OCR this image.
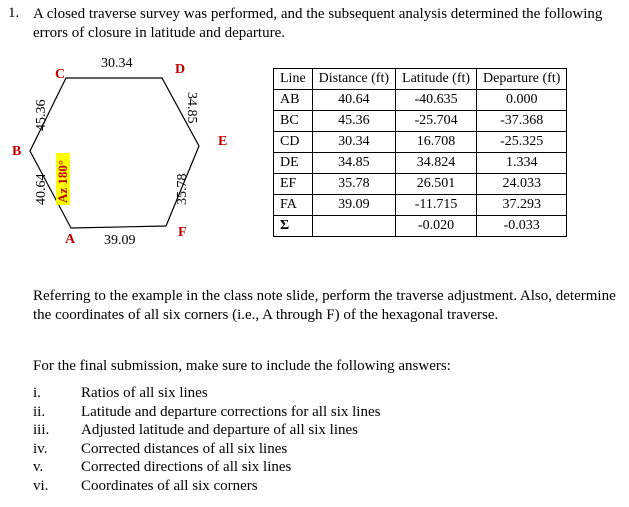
1. A closed traverse survey was performed, and the subsequent analysis determined the following errors of closure in latitude and departure.
A
B
C	D
E
F
30.34
39.09
45.36
40.64
34.85
35.78
Az 180°
Line	Distance (ft)	Latitude (ft)	Departure (ft)
AB	40.64	-40.635	0.000
BC	45.36	-25.704	-37.368
CD	30.34	16.708	-25.325
DE	34.85	34.824	1.334
EF	35.78	26.501	24.033
FA	39.09	-11.715	37.293
Σ		-0.020	-0.033
Referring to the example in the class note slide, perform the traverse adjustment. Also, determine the coordinates of all six corners (i.e., A through F) of the hexagonal traverse.
For the final submission, make sure to include the following answers:
i.	Ratios of all six lines
ii.	Latitude and departure corrections for all six lines
iii.	Adjusted latitude and departure of all six lines
iv.	Corrected distances of all six lines
v.	Corrected directions of all six lines
vi.	Coordinates of all six corners
